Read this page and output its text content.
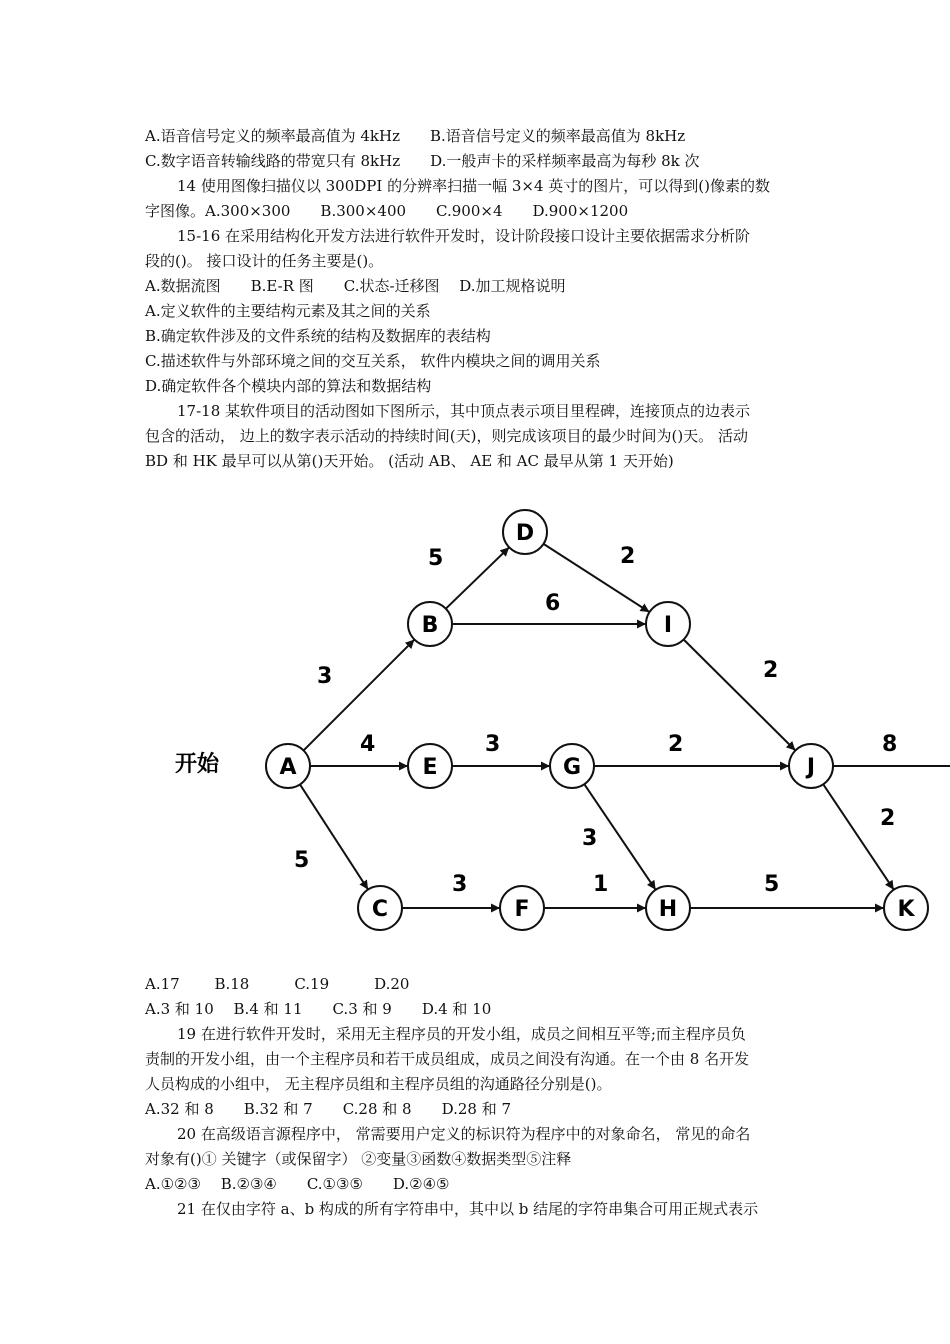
A.语音信号定义的频率最高值为 4kHz　　B.语音信号定义的频率最高值为 8kHz
C.数字语音转输线路的带宽只有 8kHz　　D.一般声卡的采样频率最高为每秒 8k 次
14 使用图像扫描仪以 300DPI 的分辨率扫描一幅 3×4 英寸的图片，可以得到()像素的数
字图像。A.300×300　　B.300×400　　C.900×4　　D.900×1200
15-16 在采用结构化开发方法进行软件开发时，设计阶段接口设计主要依据需求分析阶
段的()。 接口设计的任务主要是()。
A.数据流图　　B.E-R 图　　C.状态-迁移图　 D.加工规格说明
A.定义软件的主要结构元素及其之间的关系
B.确定软件涉及的文件系统的结构及数据库的表结构
C.描述软件与外部环境之间的交互关系， 软件内模块之间的调用关系
D.确定软件各个模块内部的算法和数据结构
17-18 某软件项目的活动图如下图所示，其中顶点表示项目里程碑，连接顶点的边表示
包含的活动， 边上的数字表示活动的持续时间(天)，则完成该项目的最少时间为()天。 活动
BD 和 HK 最早可以从第()天开始。 (活动 AB、 AE 和 AC 最早从第 1 天开始)
A
B
C
D
E
F
G
H
I
J
K
3
4
5
5
6
2
2
3	2
3
3	1	5
2
8
开始
A.17　　 B.18　　　C.19　　　D.20
A.3 和 10　 B.4 和 11　　C.3 和 9　　D.4 和 10
19 在进行软件开发时，采用无主程序员的开发小组，成员之间相互平等;而主程序员负
责制的开发小组，由一个主程序员和若干成员组成，成员之间没有沟通。在一个由 8 名开发
人员构成的小组中， 无主程序员组和主程序员组的沟通路径分别是()。
A.32 和 8　　B.32 和 7　　C.28 和 8　　D.28 和 7
20 在高级语言源程序中， 常需要用户定义的标识符为程序中的对象命名， 常见的命名
对象有()① 关键字（或保留字） ②变量③函数④数据类型⑤注释
A.①②③　 B.②③④　　C.①③⑤　　D.②④⑤
21 在仅由字符 a、b 构成的所有字符串中，其中以 b 结尾的字符串集合可用正规式表示
